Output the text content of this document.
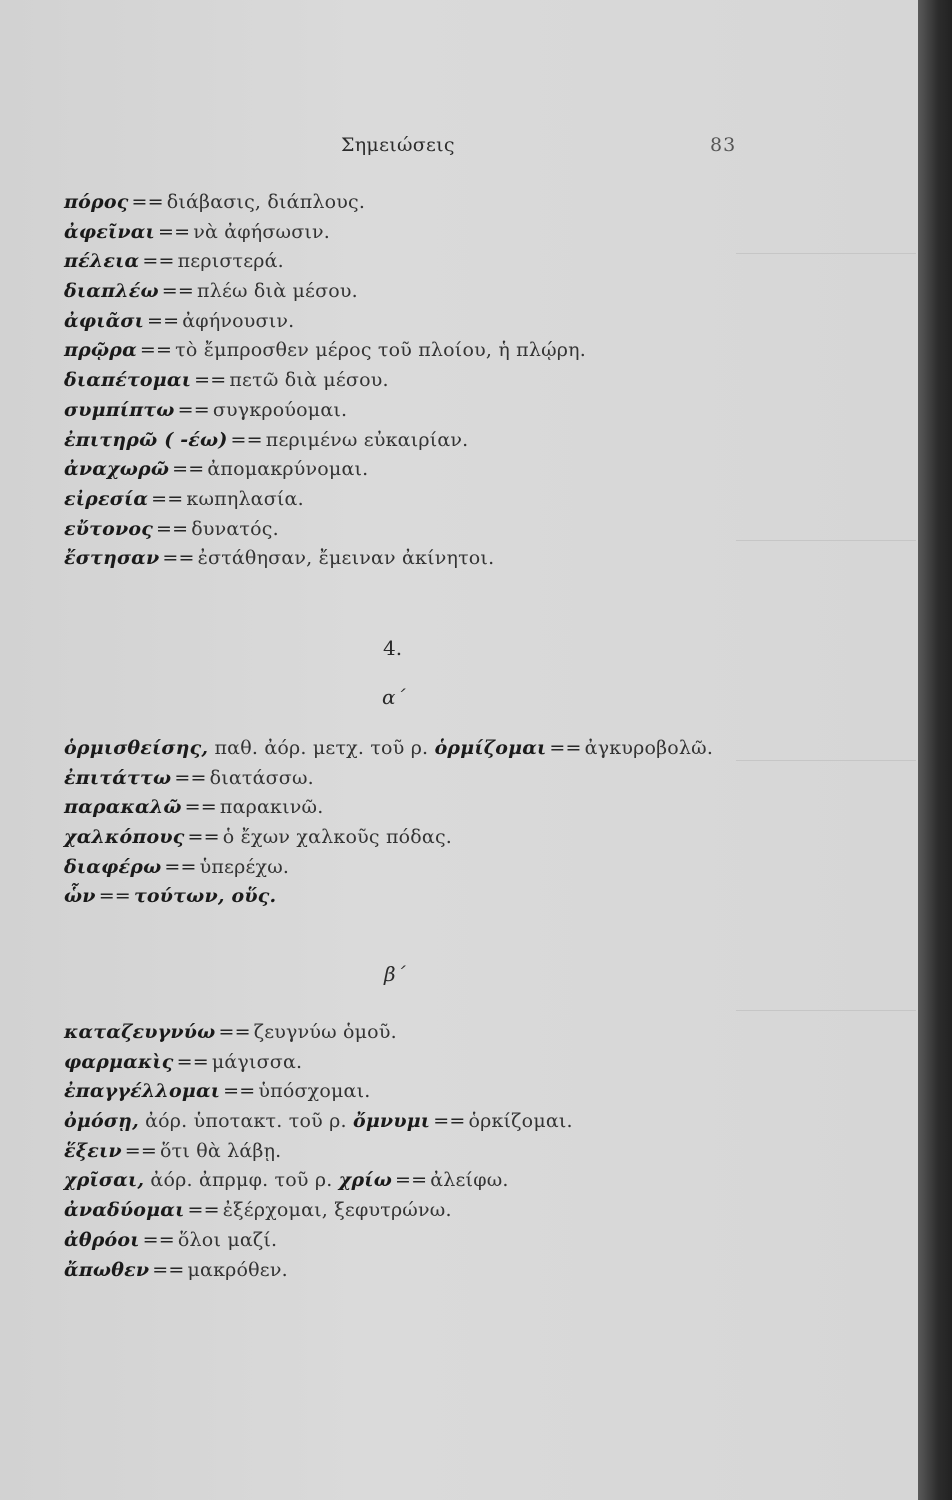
Σημειώσεις	83
πόρος == διάβασις, διάπλους.
ἀφεῖναι == νὰ ἀφήσωσιν.
πέλεια == περιστερά.
διαπλέω == πλέω διὰ μέσου.
ἀφιᾶσι == ἀφήνουσιν.
πρῷρα == τὸ ἔμπροσθεν μέρος τοῦ πλοίου, ἡ πλῴρη.
διαπέτομαι == πετῶ διὰ μέσου.
συμπίπτω == συγκρούομαι.
ἐπιτηρῶ ( -έω) == περιμένω εὐκαιρίαν.
ἀναχωρῶ == ἀπομακρύνομαι.
εἰρεσία == κωπηλασία.
εὔτονος == δυνατός.
ἔστησαν == ἐστάθησαν, ἔμειναν ἀκίνητοι.
4.
α΄
ὁρμισθείσης, παθ. ἀόρ. μετχ. τοῦ ρ. ὁρμίζομαι == ἀγκυροβολῶ.
ἐπιτάττω == διατάσσω.
παρακαλῶ == παρακινῶ.
χαλκόπους == ὁ ἔχων χαλκοῦς πόδας.
διαφέρω == ὑπερέχω.
ὧν == τούτων, οὕς.
β΄
καταζευγνύω == ζευγνύω ὁμοῦ.
φαρμακὶς == μάγισσα.
ἐπαγγέλλομαι == ὑπόσχομαι.
ὀμόσῃ, ἀόρ. ὑποτακτ. τοῦ ρ. ὄμνυμι == ὁρκίζομαι.
ἕξειν == ὅτι θὰ λάβῃ.
χρῖσαι, ἀόρ. ἀπρμφ. τοῦ ρ. χρίω == ἀλείφω.
ἀναδύομαι == ἐξέρχομαι, ξεφυτρώνω.
ἀθρόοι == ὅλοι μαζί.
ἄπωθεν == μακρόθεν.
